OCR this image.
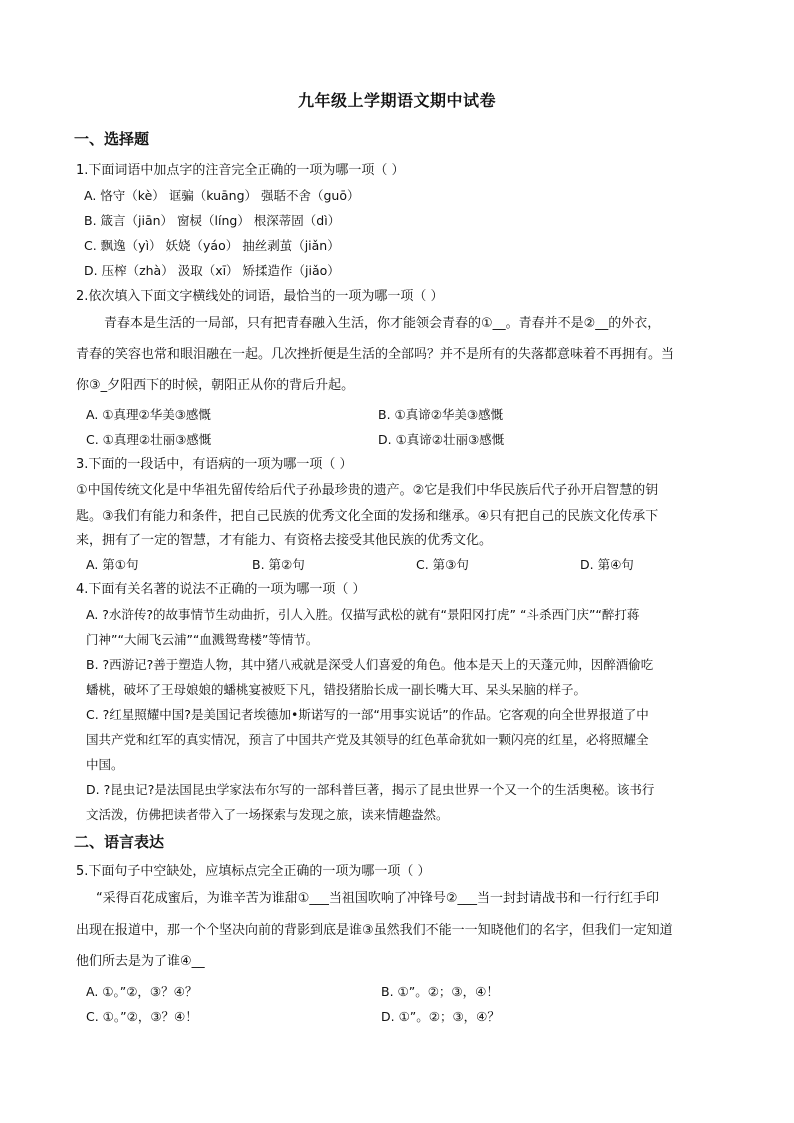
九年级上学期语文期中试卷
一、选择题
1.下面词语中加点字的注音完全正确的一项为哪一项（ ）
A. 恪守（kè） 诓骗（kuāng） 强聒不舍（guō）
B. 箴言（jiān） 窗棂（líng） 根深蒂固（dì）
C. 飘逸（yì） 妖娆（yáo） 抽丝剥茧（jiǎn）
D. 压榨（zhà） 汲取（xī） 矫揉造作（jiǎo）
2.依次填入下面文字横线处的词语，最恰当的一项为哪一项（ ）
青春本是生活的一局部，只有把青春融入生活，你才能领会青春的①__。青春并不是②__的外衣，
青春的笑容也常和眼泪融在一起。几次挫折便是生活的全部吗？并不是所有的失落都意味着不再拥有。当
你③_夕阳西下的时候，朝阳正从你的背后升起。
A. ①真理②华美③感慨	B. ①真谛②华美③感慨
C. ①真理②壮丽③感慨	D. ①真谛②壮丽③感慨
3.下面的一段话中，有语病的一项为哪一项（ ）
①中国传统文化是中华祖先留传给后代子孙最珍贵的遗产。②它是我们中华民族后代子孙开启智慧的钥
匙。③我们有能力和条件，把自己民族的优秀文化全面的发扬和继承。④只有把自己的民族文化传承下
来，拥有了一定的智慧，才有能力、有资格去接受其他民族的优秀文化。
A. 第①句	B. 第②句	C. 第③句	D. 第④句
4.下面有关名著的说法不正确的一项为哪一项（ ）
A. ?水浒传?的故事情节生动曲折，引人入胜。仅描写武松的就有“景阳冈打虎” “斗杀西门庆”“醉打蒋
门神”“大闹飞云浦”“血溅鸳鸯楼”等情节。
B. ?西游记?善于塑造人物，其中猪八戒就是深受人们喜爱的角色。他本是天上的天蓬元帅，因醉酒偷吃
蟠桃，破坏了王母娘娘的蟠桃宴被贬下凡，错投猪胎长成一副长嘴大耳、呆头呆脑的样子。
C. ?红星照耀中国?是美国记者埃德加•斯诺写的一部“用事实说话”的作品。它客观的向全世界报道了中
国共产党和红军的真实情况，预言了中国共产党及其领导的红色革命犹如一颗闪亮的红星，必将照耀全
中国。
D. ?昆虫记?是法国昆虫学家法布尔写的一部科普巨著，揭示了昆虫世界一个又一个的生活奥秘。该书行
文活泼，仿佛把读者带入了一场探索与发现之旅，读来情趣盎然。
二、语言表达
5.下面句子中空缺处，应填标点完全正确的一项为哪一项（ ）
“采得百花成蜜后，为谁辛苦为谁甜①___当祖国吹响了冲锋号②___当一封封请战书和一行行红手印
出现在报道中，那一个个坚决向前的背影到底是谁③虽然我们不能一一知晓他们的名字，但我们一定知道
他们所去是为了谁④__
A. ①。”②，③？④？	B. ①”。②；③，④！
C. ①。”②，③？④！	D. ①”。②；③，④？
